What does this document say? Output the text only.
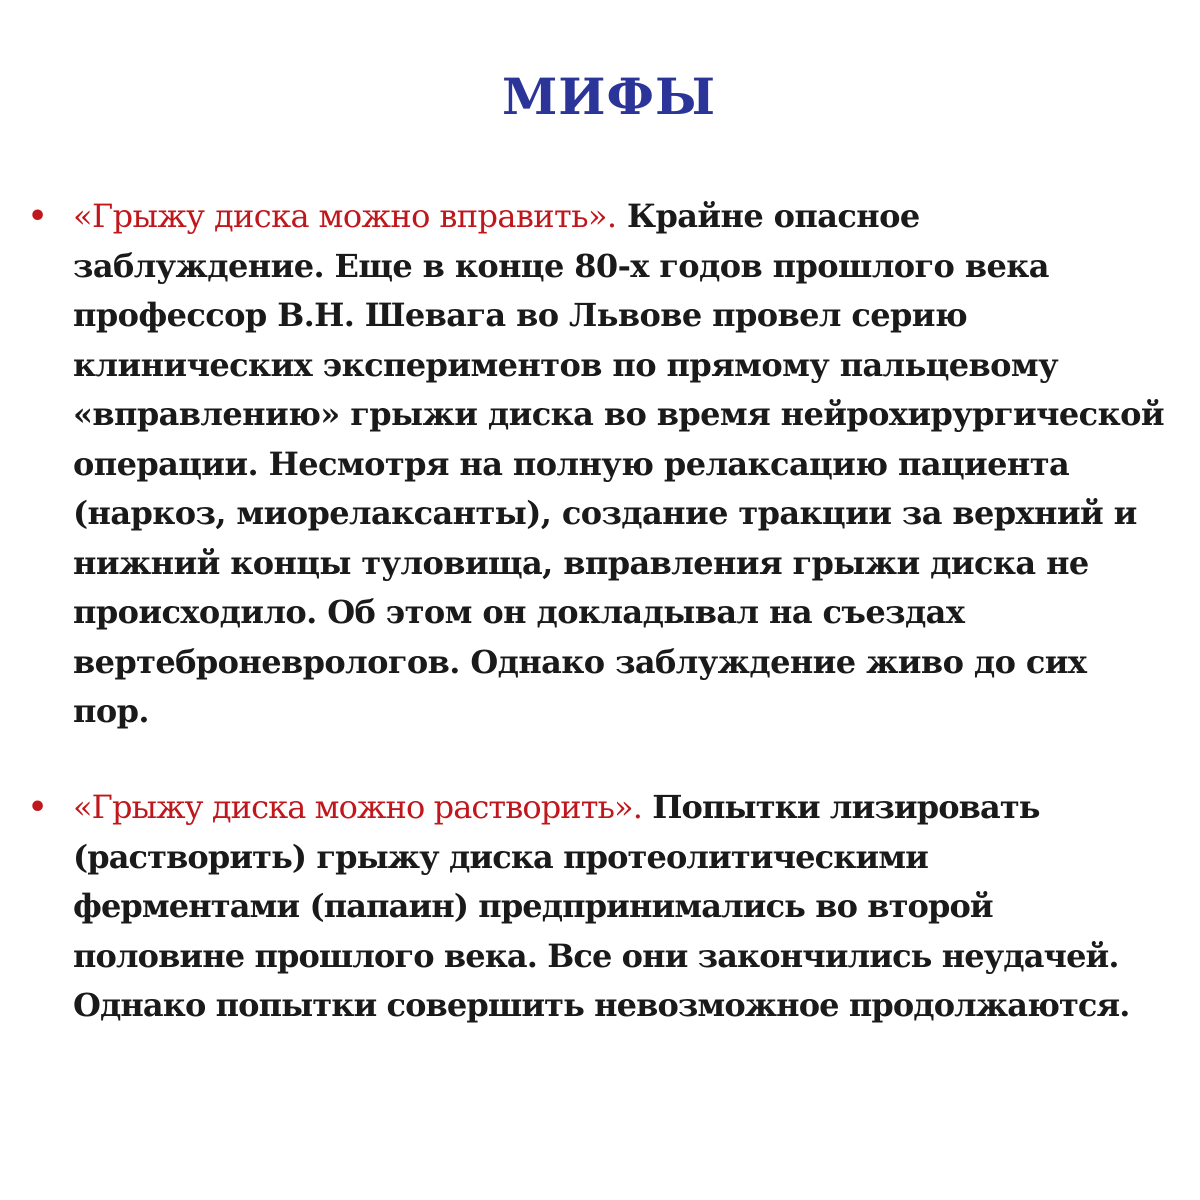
МИФЫ
• «Грыжу диска можно вправить». Крайне опасное
заблуждение. Еще в конце 80-х годов прошлого века
профессор В.Н. Шевага во Львове провел серию
клинических экспериментов по прямому пальцевому
«вправлению» грыжи диска во время нейрохирургической
операции. Несмотря на полную релаксацию пациента
(наркоз, миорелаксанты), создание тракции за верхний и
нижний концы туловища, вправления грыжи диска не
происходило. Об этом он докладывал на съездах
вертеброневрологов. Однако заблуждение живо до сих
пор.

• «Грыжу диска можно растворить». Попытки лизировать
(растворить) грыжу диска протеолитическими
ферментами (папаин) предпринимались во второй
половине прошлого века. Все они закончились неудачей.
Однако попытки совершить невозможное продолжаются.
